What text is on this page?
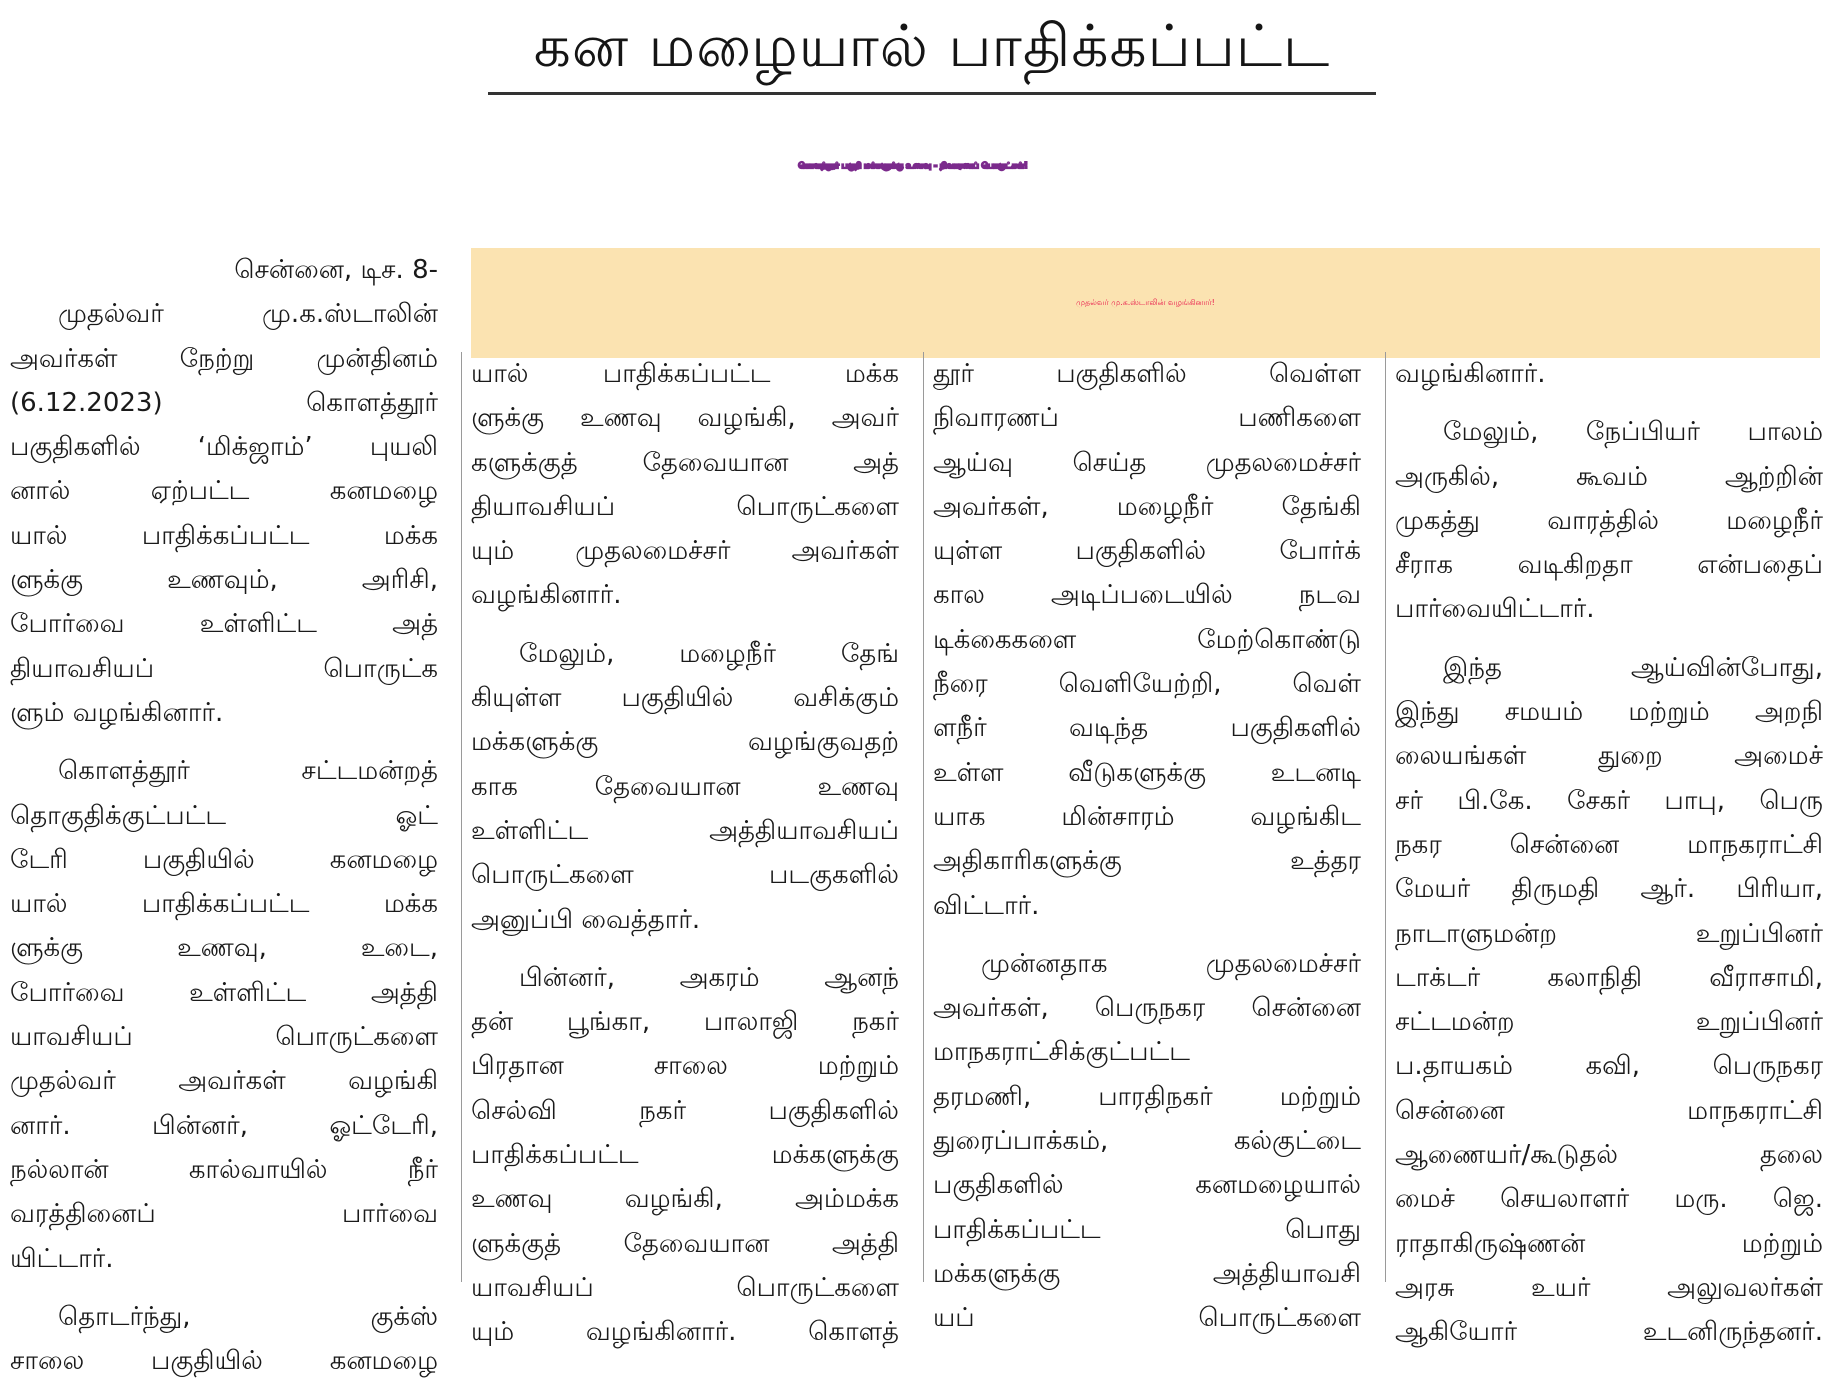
கன மழையால் பாதிக்கப்பட்ட
கொளத்தூர் பகுதி மக்களுக்கு உணவு - நிவாரணப் பொருட்கள்!
முதல்வர் மு.க.ஸ்டாலின் வழங்கினார்!

சென்னை, டிச. 8-

முதல்வர் மு.க.ஸ்டாலின்

அவர்கள் நேற்று முன்தினம்

(6.12.2023) கொளத்தூர்

பகுதிகளில் ‘மிக்ஜாம்’ புயலி

னால் ஏற்பட்ட கனமழை

யால் பாதிக்கப்பட்ட மக்க

ளுக்கு உணவும், அரிசி,

போர்வை உள்ளிட்ட அத்

தியாவசியப் பொருட்க

ளும் வழங்கினார்.

கொளத்தூர் சட்டமன்றத்

தொகுதிக்குட்பட்ட ஓட்

டேரி பகுதியில் கனமழை

யால் பாதிக்கப்பட்ட மக்க

ளுக்கு உணவு, உடை,

போர்வை உள்ளிட்ட அத்தி

யாவசியப் பொருட்களை

முதல்வர் அவர்கள் வழங்கி

னார். பின்னர், ஓட்டேரி,

நல்லான் கால்வாயில் நீர்

வரத்தினைப் பார்வை

யிட்டார்.

தொடர்ந்து, குக்ஸ்

சாலை பகுதியில் கனமழை

யால் பாதிக்கப்பட்ட மக்க

ளுக்கு உணவு வழங்கி, அவர்

களுக்குத் தேவையான அத்

தியாவசியப் பொருட்களை

யும் முதலமைச்சர் அவர்கள்

வழங்கினார்.

மேலும், மழைநீர் தேங்

கியுள்ள பகுதியில் வசிக்கும்

மக்களுக்கு வழங்குவதற்

காக தேவையான உணவு

உள்ளிட்ட அத்தியாவசியப்

பொருட்களை படகுகளில்

அனுப்பி வைத்தார்.

பின்னர், அகரம் ஆனந்

தன் பூங்கா, பாலாஜி நகர்

பிரதான சாலை மற்றும்

செல்வி நகர் பகுதிகளில்

பாதிக்கப்பட்ட மக்களுக்கு

உணவு வழங்கி, அம்மக்க

ளுக்குத் தேவையான அத்தி

யாவசியப் பொருட்களை

யும் வழங்கினார். கொளத்

தூர் பகுதிகளில் வெள்ள

நிவாரணப் பணிகளை

ஆய்வு செய்த முதலமைச்சர்

அவர்கள், மழைநீர் தேங்கி

யுள்ள பகுதிகளில் போர்க்

கால அடிப்படையில் நடவ

டிக்கைகளை மேற்கொண்டு

நீரை வெளியேற்றி, வெள்

ளநீர் வடிந்த பகுதிகளில்

உள்ள வீடுகளுக்கு உடனடி

யாக மின்சாரம் வழங்கிட

அதிகாரிகளுக்கு உத்தர

விட்டார்.

முன்னதாக முதலமைச்சர்

அவர்கள், பெருநகர சென்னை

மாநகராட்சிக்குட்பட்ட

தரமணி, பாரதிநகர் மற்றும்

துரைப்பாக்கம், கல்குட்டை

பகுதிகளில் கனமழையால்

பாதிக்கப்பட்ட பொது

மக்களுக்கு அத்தியாவசி

யப் பொருட்களை

வழங்கினார்.

மேலும், நேப்பியர் பாலம்

அருகில், கூவம் ஆற்றின்

முகத்து வாரத்தில் மழைநீர்

சீராக வடிகிறதா என்பதைப்

பார்வையிட்டார்.

இந்த ஆய்வின்போது,

இந்து சமயம் மற்றும் அறநி

லையங்கள் துறை அமைச்

சர் பி.கே. சேகர் பாபு, பெரு

நகர சென்னை மாநகராட்சி

மேயர் திருமதி ஆர். பிரியா,

நாடாளுமன்ற உறுப்பினர்

டாக்டர் கலாநிதி வீராசாமி,

சட்டமன்ற உறுப்பினர்

ப.தாயகம் கவி, பெருநகர

சென்னை மாநகராட்சி

ஆணையர்/கூடுதல் தலை

மைச் செயலாளர் மரு. ஜெ.

ராதாகிருஷ்ணன் மற்றும்

அரசு உயர் அலுவலர்கள்

ஆகியோர் உடனிருந்தனர்.
